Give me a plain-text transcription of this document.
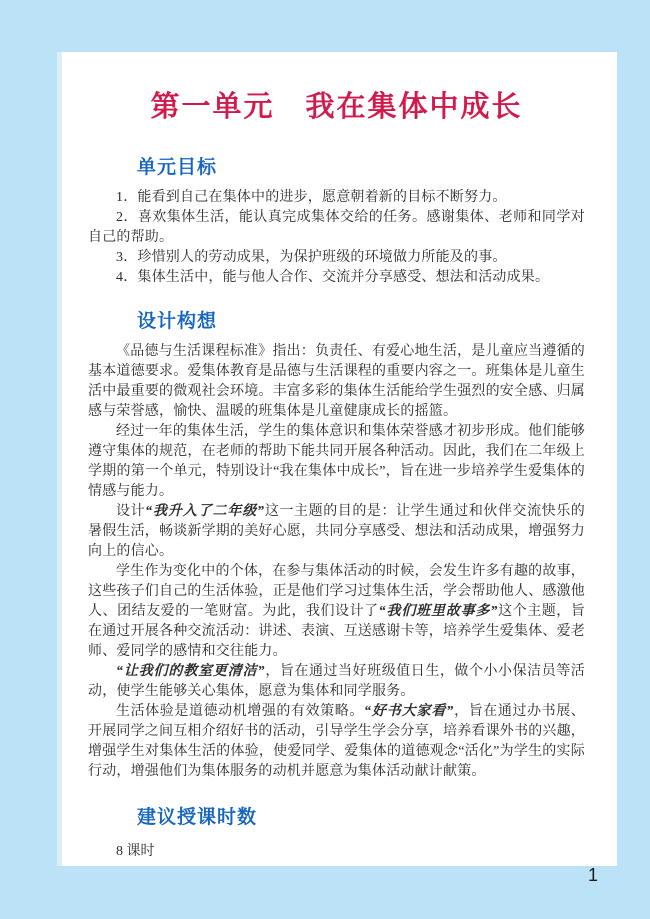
第一单元　我在集体中成长
单元目标

1．能看到自己在集体中的进步，愿意朝着新的目标不断努力。

2．喜欢集体生活，能认真完成集体交给的任务。感谢集体、老师和同学对自己的帮助。

3．珍惜别人的劳动成果，为保护班级的环境做力所能及的事。

4．集体生活中，能与他人合作、交流并分享感受、想法和活动成果。

设计构想

《品德与生活课程标准》指出：负责任、有爱心地生活，是儿童应当遵循的基本道德要求。爱集体教育是品德与生活课程的重要内容之一。班集体是儿童生活中最重要的微观社会环境。丰富多彩的集体生活能给学生强烈的安全感、归属感与荣誉感，愉快、温暖的班集体是儿童健康成长的摇篮。

经过一年的集体生活，学生的集体意识和集体荣誉感才初步形成。他们能够遵守集体的规范，在老师的帮助下能共同开展各种活动。因此，我们在二年级上学期的第一个单元，特别设计“我在集体中成长”，旨在进一步培养学生爱集体的情感与能力。

设计“我升入了二年级”这一主题的目的是：让学生通过和伙伴交流快乐的暑假生活，畅谈新学期的美好心愿，共同分享感受、想法和活动成果，增强努力向上的信心。

学生作为变化中的个体，在参与集体活动的时候，会发生许多有趣的故事，这些孩子们自己的生活体验，正是他们学习过集体生活，学会帮助他人、感激他人、团结友爱的一笔财富。为此，我们设计了“我们班里故事多”这个主题，旨在通过开展各种交流活动：讲述、表演、互送感谢卡等，培养学生爱集体、爱老师、爱同学的感情和交往能力。

“让我们的教室更清洁”，旨在通过当好班级值日生，做个小小保洁员等活动，使学生能够关心集体，愿意为集体和同学服务。

生活体验是道德动机增强的有效策略。“好书大家看”，旨在通过办书展、开展同学之间互相介绍好书的活动，引导学生学会分享，培养看课外书的兴趣，增强学生对集体生活的体验，使爱同学、爱集体的道德观念“活化”为学生的实际行动，增强他们为集体服务的动机并愿意为集体活动献计献策。

建议授课时数

8 课时

1
